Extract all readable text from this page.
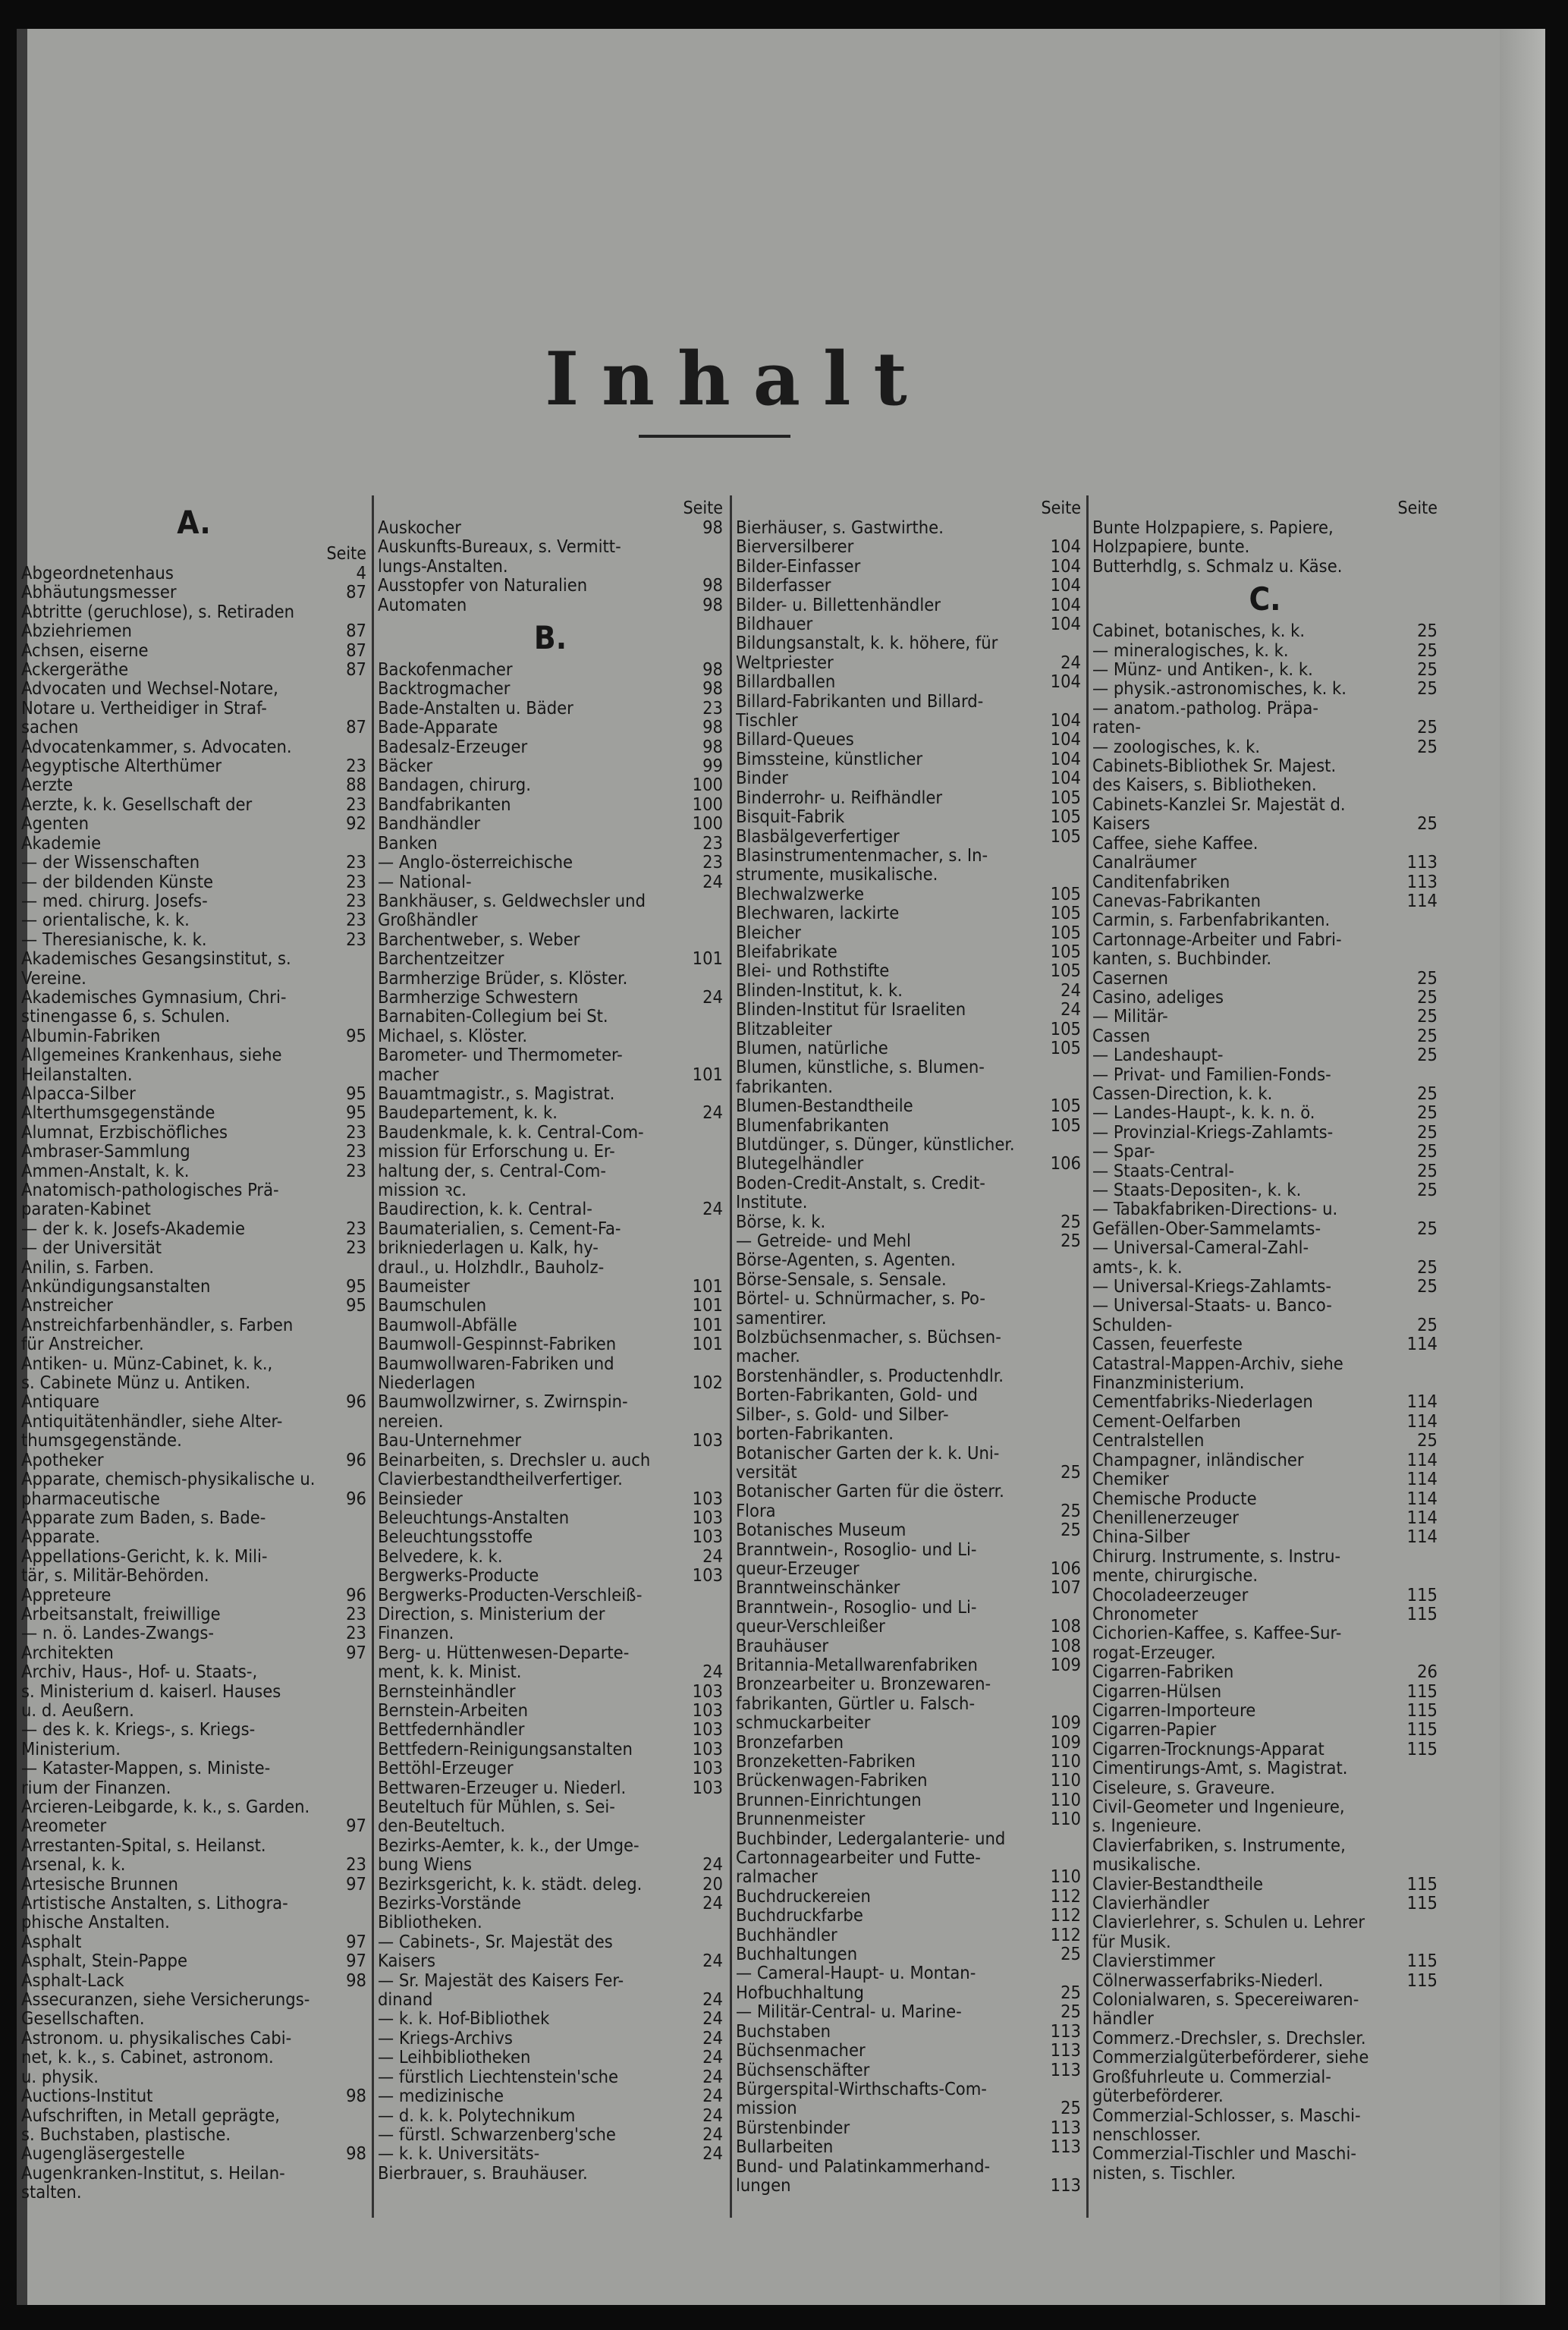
Inhalt
A.
Seite
Abgeordnetenhaus	4
Abhäutungsmesser	87
Abtritte (geruchlose), s. Retiraden
Abziehriemen	87
Achsen, eiserne	87
Ackergeräthe	87
Advocaten und Wechsel-Notare,
Notare u. Vertheidiger in Straf-
sachen	87
Advocatenkammer, s. Advocaten.
Aegyptische Alterthümer	23
Aerzte	88
Aerzte, k. k. Gesellschaft der	23
Agenten	92
Akademie
— der Wissenschaften	23
— der bildenden Künste	23
— med. chirurg. Josefs-	23
— orientalische, k. k.	23
— Theresianische, k. k.	23
Akademisches Gesangsinstitut, s.
Vereine.
Akademisches Gymnasium, Chri-
stinengasse 6, s. Schulen.
Albumin-Fabriken	95
Allgemeines Krankenhaus, siehe
Heilanstalten.
Alpacca-Silber	95
Alterthumsgegenstände	95
Alumnat, Erzbischöfliches	23
Ambraser-Sammlung	23
Ammen-Anstalt, k. k.	23
Anatomisch-pathologisches Prä-
paraten-Kabinet
— der k. k. Josefs-Akademie	23
— der Universität	23
Anilin, s. Farben.
Ankündigungsanstalten	95
Anstreicher	95
Anstreichfarbenhändler, s. Farben
für Anstreicher.
Antiken- u. Münz-Cabinet, k. k.,
s. Cabinete Münz u. Antiken.
Antiquare	96
Antiquitätenhändler, siehe Alter-
thumsgegenstände.
Apotheker	96
Apparate, chemisch-physikalische u.
pharmaceutische	96
Apparate zum Baden, s. Bade-
Apparate.
Appellations-Gericht, k. k. Mili-
tär, s. Militär-Behörden.
Appreteure	96
Arbeitsanstalt, freiwillige	23
— n. ö. Landes-Zwangs-	23
Architekten	97
Archiv, Haus-, Hof- u. Staats-,
s. Ministerium d. kaiserl. Hauses
u. d. Aeußern.
— des k. k. Kriegs-, s. Kriegs-
Ministerium.
— Kataster-Mappen, s. Ministe-
rium der Finanzen.
Arcieren-Leibgarde, k. k., s. Garden.
Areometer	97
Arrestanten-Spital, s. Heilanst.
Arsenal, k. k.	23
Artesische Brunnen	97
Artistische Anstalten, s. Lithogra-
phische Anstalten.
Asphalt	97
Asphalt, Stein-Pappe	97
Asphalt-Lack	98
Assecuranzen, siehe Versicherungs-
Gesellschaften.
Astronom. u. physikalisches Cabi-
net, k. k., s. Cabinet, astronom.
u. physik.
Auctions-Institut	98
Aufschriften, in Metall geprägte,
s. Buchstaben, plastische.
Augengläsergestelle	98
Augenkranken-Institut, s. Heilan-
stalten.
Seite
Auskocher	98
Auskunfts-Bureaux, s. Vermitt-
lungs-Anstalten.
Ausstopfer von Naturalien	98
Automaten	98
B.
Backofenmacher	98
Backtrogmacher	98
Bade-Anstalten u. Bäder	23
Bade-Apparate	98
Badesalz-Erzeuger	98
Bäcker	99
Bandagen, chirurg.	100
Bandfabrikanten	100
Bandhändler	100
Banken	23
— Anglo-österreichische	23
— National-	24
Bankhäuser, s. Geldwechsler und
Großhändler
Barchentweber, s. Weber
Barchentzeitzer	101
Barmherzige Brüder, s. Klöster.
Barmherzige Schwestern	24
Barnabiten-Collegium bei St.
Michael, s. Klöster.
Barometer- und Thermometer-
macher	101
Bauamtmagistr., s. Magistrat.
Baudepartement, k. k.	24
Baudenkmale, k. k. Central-Com-
mission für Erforschung u. Er-
haltung der, s. Central-Com-
mission ꝛc.
Baudirection, k. k. Central-	24
Baumaterialien, s. Cement-Fa-
brikniederlagen u. Kalk, hy-
draul., u. Holzhdlr., Bauholz-
Baumeister	101
Baumschulen	101
Baumwoll-Abfälle	101
Baumwoll-Gespinnst-Fabriken	101
Baumwollwaren-Fabriken und
Niederlagen	102
Baumwollzwirner, s. Zwirnspin-
nereien.
Bau-Unternehmer	103
Beinarbeiten, s. Drechsler u. auch
Clavierbestandtheilverfertiger.
Beinsieder	103
Beleuchtungs-Anstalten	103
Beleuchtungsstoffe	103
Belvedere, k. k.	24
Bergwerks-Producte	103
Bergwerks-Producten-Verschleiß-
Direction, s. Ministerium der
Finanzen.
Berg- u. Hüttenwesen-Departe-
ment, k. k. Minist.	24
Bernsteinhändler	103
Bernstein-Arbeiten	103
Bettfedernhändler	103
Bettfedern-Reinigungsanstalten	103
Bettöhl-Erzeuger	103
Bettwaren-Erzeuger u. Niederl.	103
Beuteltuch für Mühlen, s. Sei-
den-Beuteltuch.
Bezirks-Aemter, k. k., der Umge-
bung Wiens	24
Bezirksgericht, k. k. städt. deleg.	20
Bezirks-Vorstände	24
Bibliotheken.
— Cabinets-, Sr. Majestät des
Kaisers	24
— Sr. Majestät des Kaisers Fer-
dinand	24
— k. k. Hof-Bibliothek	24
— Kriegs-Archivs	24
— Leihbibliotheken	24
— fürstlich Liechtenstein'sche	24
— medizinische	24
— d. k. k. Polytechnikum	24
— fürstl. Schwarzenberg'sche	24
— k. k. Universitäts-	24
Bierbrauer, s. Brauhäuser.
Seite
Bierhäuser, s. Gastwirthe.
Bierversilberer	104
Bilder-Einfasser	104
Bilderfasser	104
Bilder- u. Billettenhändler	104
Bildhauer	104
Bildungsanstalt, k. k. höhere, für
Weltpriester	24
Billardballen	104
Billard-Fabrikanten und Billard-
Tischler	104
Billard-Queues	104
Bimssteine, künstlicher	104
Binder	104
Binderrohr- u. Reifhändler	105
Bisquit-Fabrik	105
Blasbälgeverfertiger	105
Blasinstrumentenmacher, s. In-
strumente, musikalische.
Blechwalzwerke	105
Blechwaren, lackirte	105
Bleicher	105
Bleifabrikate	105
Blei- und Rothstifte	105
Blinden-Institut, k. k.	24
Blinden-Institut für Israeliten	24
Blitzableiter	105
Blumen, natürliche	105
Blumen, künstliche, s. Blumen-
fabrikanten.
Blumen-Bestandtheile	105
Blumenfabrikanten	105
Blutdünger, s. Dünger, künstlicher.
Blutegelhändler	106
Boden-Credit-Anstalt, s. Credit-
Institute.
Börse, k. k.	25
— Getreide- und Mehl	25
Börse-Agenten, s. Agenten.
Börse-Sensale, s. Sensale.
Börtel- u. Schnürmacher, s. Po-
samentirer.
Bolzbüchsenmacher, s. Büchsen-
macher.
Borstenhändler, s. Productenhdlr.
Borten-Fabrikanten, Gold- und
Silber-, s. Gold- und Silber-
borten-Fabrikanten.
Botanischer Garten der k. k. Uni-
versität	25
Botanischer Garten für die österr.
Flora	25
Botanisches Museum	25
Branntwein-, Rosoglio- und Li-
queur-Erzeuger	106
Branntweinschänker	107
Branntwein-, Rosoglio- und Li-
queur-Verschleißer	108
Brauhäuser	108
Britannia-Metallwarenfabriken	109
Bronzearbeiter u. Bronzewaren-
fabrikanten, Gürtler u. Falsch-
schmuckarbeiter	109
Bronzefarben	109
Bronzeketten-Fabriken	110
Brückenwagen-Fabriken	110
Brunnen-Einrichtungen	110
Brunnenmeister	110
Buchbinder, Ledergalanterie- und
Cartonnagearbeiter und Futte-
ralmacher	110
Buchdruckereien	112
Buchdruckfarbe	112
Buchhändler	112
Buchhaltungen	25
— Cameral-Haupt- u. Montan-
Hofbuchhaltung	25
— Militär-Central- u. Marine-	25
Buchstaben	113
Büchsenmacher	113
Büchsenschäfter	113
Bürgerspital-Wirthschafts-Com-
mission	25
Bürstenbinder	113
Bullarbeiten	113
Bund- und Palatinkammerhand-
lungen	113
Seite
Bunte Holzpapiere, s. Papiere,
Holzpapiere, bunte.
Butterhdlg, s. Schmalz u. Käse.
C.
Cabinet, botanisches, k. k.	25
— mineralogisches, k. k.	25
— Münz- und Antiken-, k. k.	25
— physik.-astronomisches, k. k.	25
— anatom.-patholog. Präpa-
raten-	25
— zoologisches, k. k.	25
Cabinets-Bibliothek Sr. Majest.
des Kaisers, s. Bibliotheken.
Cabinets-Kanzlei Sr. Majestät d.
Kaisers	25
Caffee, siehe Kaffee.
Canalräumer	113
Canditenfabriken	113
Canevas-Fabrikanten	114
Carmin, s. Farbenfabrikanten.
Cartonnage-Arbeiter und Fabri-
kanten, s. Buchbinder.
Casernen	25
Casino, adeliges	25
— Militär-	25
Cassen	25
— Landeshaupt-	25
— Privat- und Familien-Fonds-
Cassen-Direction, k. k.	25
— Landes-Haupt-, k. k. n. ö.	25
— Provinzial-Kriegs-Zahlamts-	25
— Spar-	25
— Staats-Central-	25
— Staats-Depositen-, k. k.	25
— Tabakfabriken-Directions- u.
Gefällen-Ober-Sammelamts-	25
— Universal-Cameral-Zahl-
amts-, k. k.	25
— Universal-Kriegs-Zahlamts-	25
— Universal-Staats- u. Banco-
Schulden-	25
Cassen, feuerfeste	114
Catastral-Mappen-Archiv, siehe
Finanzministerium.
Cementfabriks-Niederlagen	114
Cement-Oelfarben	114
Centralstellen	25
Champagner, inländischer	114
Chemiker	114
Chemische Producte	114
Chenillenerzeuger	114
China-Silber	114
Chirurg. Instrumente, s. Instru-
mente, chirurgische.
Chocoladeerzeuger	115
Chronometer	115
Cichorien-Kaffee, s. Kaffee-Sur-
rogat-Erzeuger.
Cigarren-Fabriken	26
Cigarren-Hülsen	115
Cigarren-Importeure	115
Cigarren-Papier	115
Cigarren-Trocknungs-Apparat	115
Cimentirungs-Amt, s. Magistrat.
Ciseleure, s. Graveure.
Civil-Geometer und Ingenieure,
s. Ingenieure.
Clavierfabriken, s. Instrumente,
musikalische.
Clavier-Bestandtheile	115
Clavierhändler	115
Clavierlehrer, s. Schulen u. Lehrer
für Musik.
Clavierstimmer	115
Cölnerwasserfabriks-Niederl.	115
Colonialwaren, s. Specereiwaren-
händler
Commerz.-Drechsler, s. Drechsler.
Commerzialgüterbeförderer, siehe
Großfuhrleute u. Commerzial-
güterbeförderer.
Commerzial-Schlosser, s. Maschi-
nenschlosser.
Commerzial-Tischler und Maschi-
nisten, s. Tischler.
